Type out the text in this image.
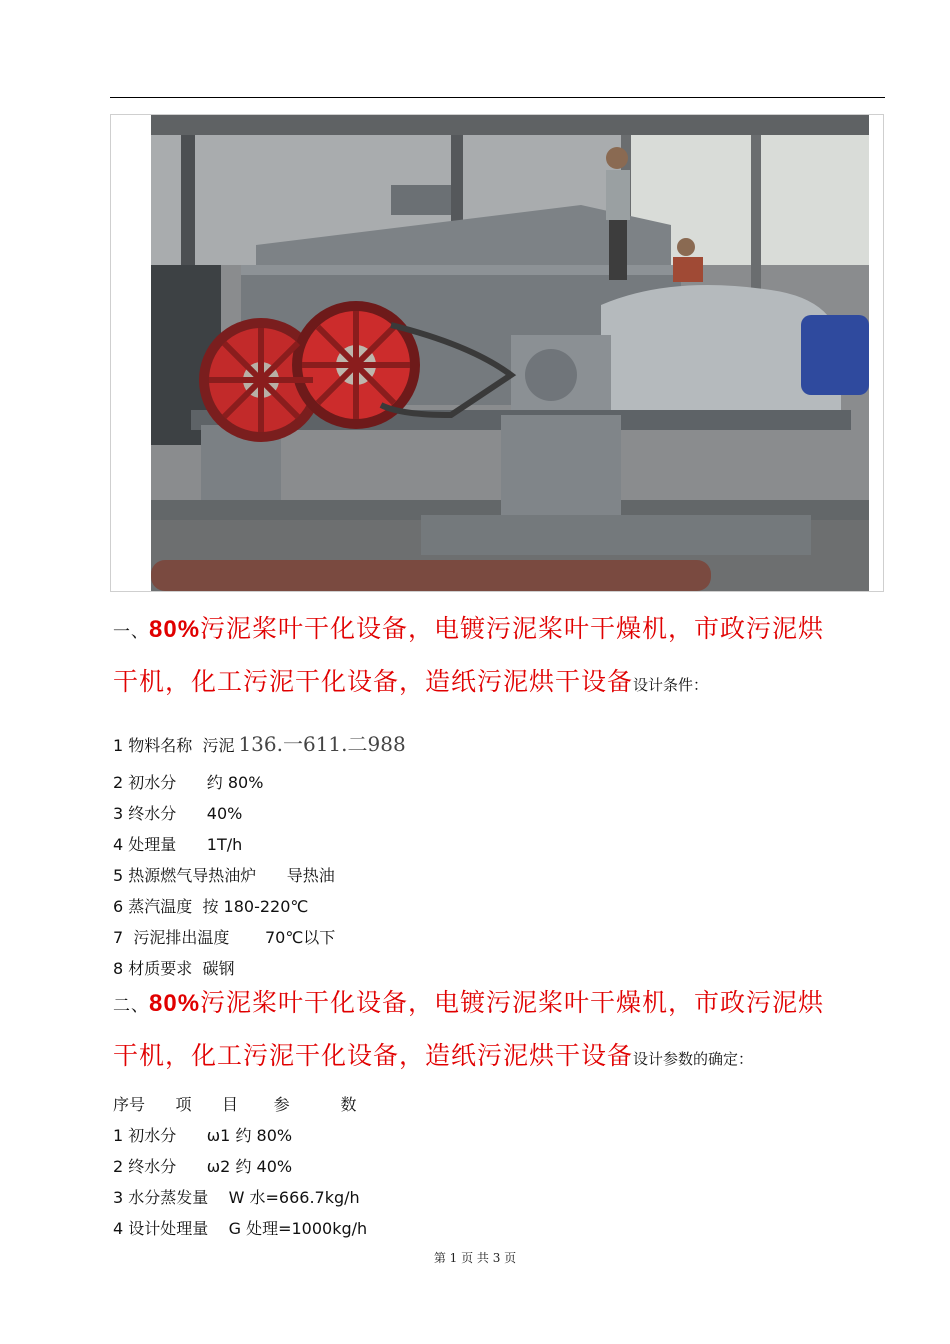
一、80%污泥桨叶干化设备，电镀污泥桨叶干燥机，市政污泥烘
干机，化工污泥干化设备，造纸污泥烘干设备设计条件：
1 物料名称  污泥 136.一611.二988
2 初水分      约 80%
3 终水分      40%
4 处理量      1T/h
5 热源燃气导热油炉      导热油
6 蒸汽温度  按 180-220℃
7  污泥排出温度       70℃以下
8 材质要求  碳钢
二、80%污泥桨叶干化设备，电镀污泥桨叶干燥机，市政污泥烘
干机，化工污泥干化设备，造纸污泥烘干设备设计参数的确定：
序号      项      目       参          数
1 初水分      ω1 约 80%
2 终水分      ω2 约 40%
3 水分蒸发量    W 水=666.7kg/h
4 设计处理量    G 处理=1000kg/h
第 1 页 共 3 页
